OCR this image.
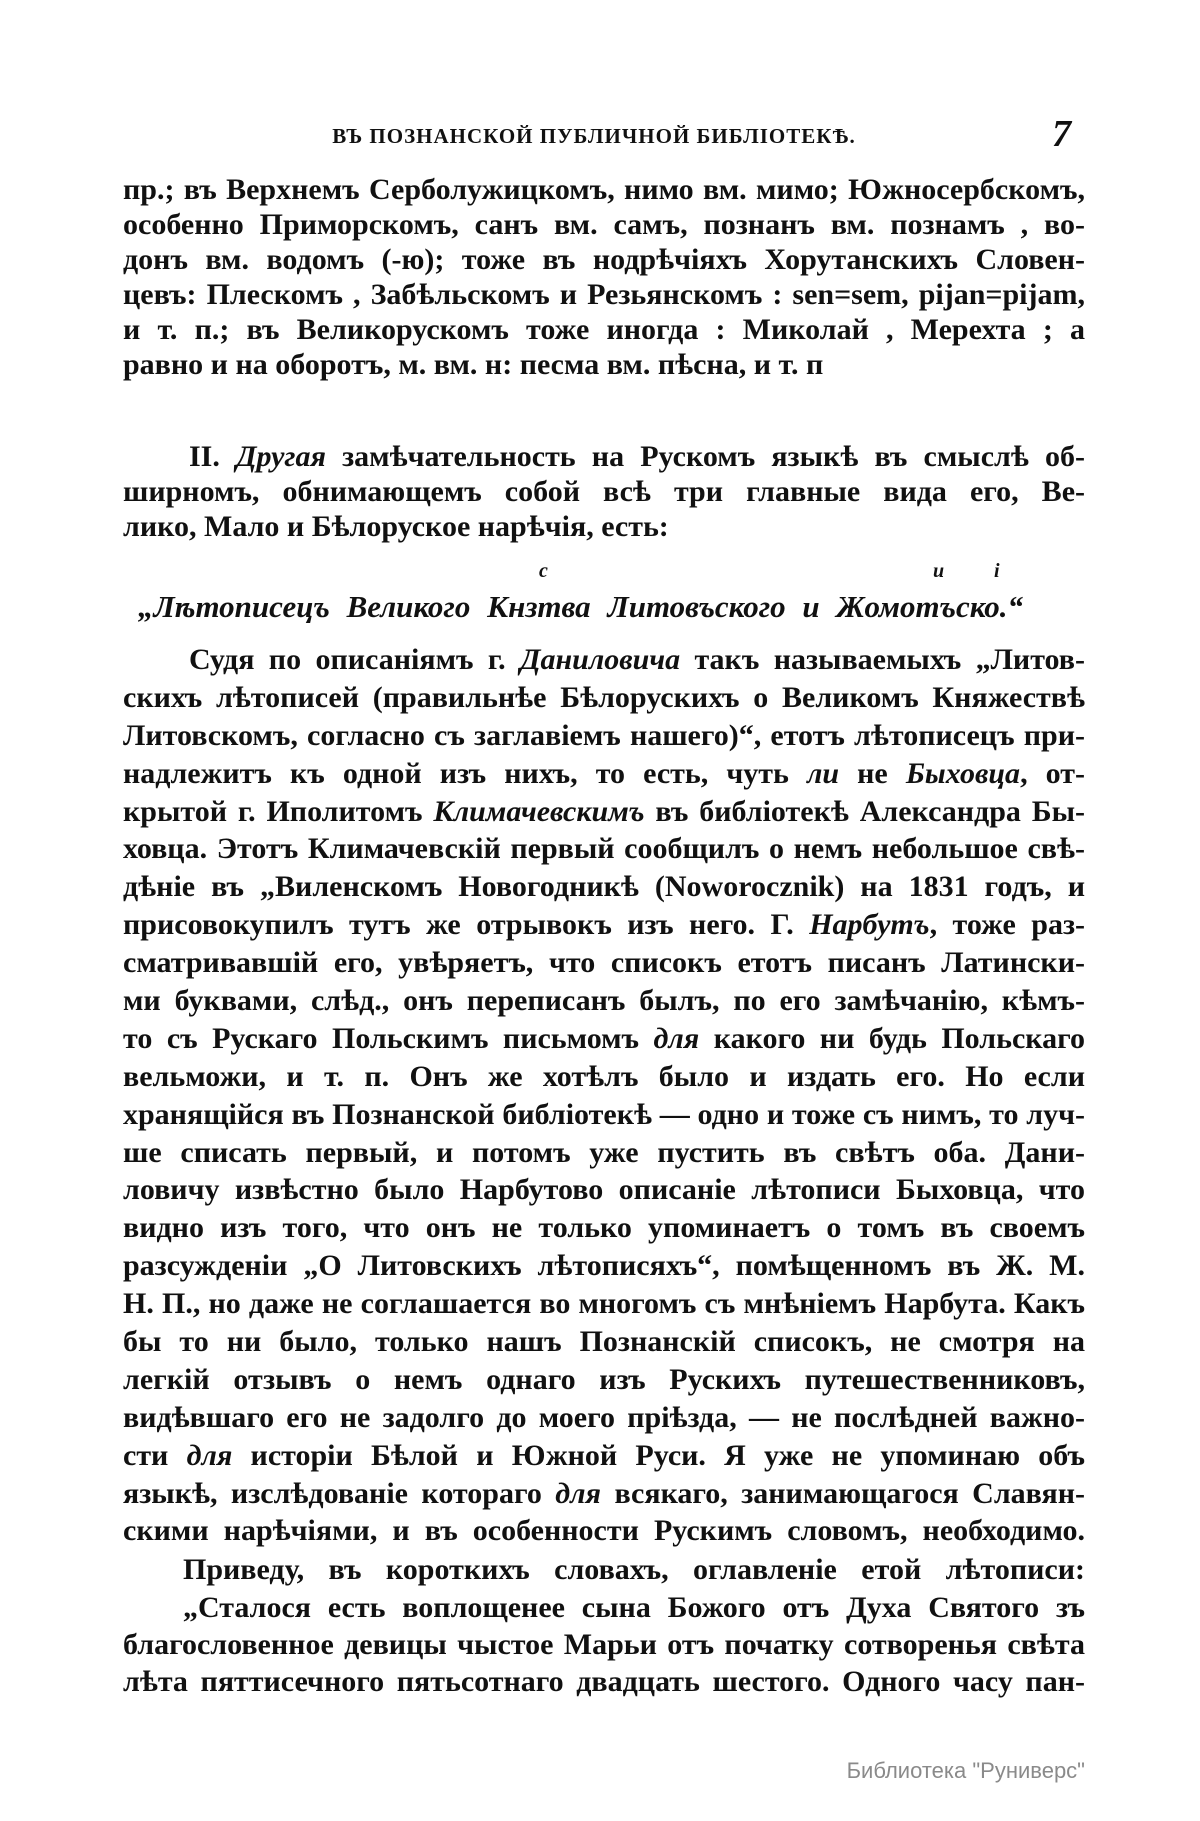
ВЪ ПОЗНАНСКОЙ ПУБЛИЧНОЙ БИБЛІОТЕКѢ.	7
пр.; въ Верхнемъ Серболужицкомъ, нимо вм. мимо; Южносербскомъ,
особенно Приморскомъ, санъ вм. самъ, познанъ вм. познамъ , во-
донъ вм. водомъ (-ю); тоже въ нодрѣчіяхъ Хорутанскихъ Словен-
цевъ: Плескомъ , Забѣльскомъ и Резьянскомъ : sen=sem, pijan=pijam,
и т. п.; въ Великорускомъ тоже иногда : Миколай , Мерехта ; а
равно и на оборотъ, м. вм. н: песма вм. пѣсна, и т. п
II. Другая замѣчательность на Рускомъ языкѣ въ смыслѣ об-
ширномъ, обнимающемъ собой всѣ три главные вида его, Ве-
лико, Мало и Бѣлоруское нарѣчія, есть:
с	и і
„Лѣтописецъ Великого Кнзтва Литовъского и Жомотъско.“
Судя по описаніямъ г. Даниловича такъ называемыхъ „Литов-
скихъ лѣтописей (правильнѣе Бѣлорускихъ о Великомъ Княжествѣ
Литовскомъ, согласно съ заглавіемъ нашего)“, етотъ лѣтописецъ при-
надлежитъ къ одной изъ нихъ, то есть, чуть ли не Быховца, от-
крытой г. Иполитомъ Климачевскимъ въ библіотекѣ Александра Бы-
ховца. Этотъ Климачевскій первый сообщилъ о немъ небольшое свѣ-
дѣніе въ „Виленскомъ Новогодникѣ (Noworocznik) на 1831 годъ, и
присовокупилъ тутъ же отрывокъ изъ него. Г. Нарбутъ, тоже раз-
сматривавшій его, увѣряетъ, что списокъ етотъ писанъ Латински-
ми буквами, слѣд., онъ переписанъ былъ, по его замѣчанію, кѣмъ-
то съ Рускаго Польскимъ письмомъ для какого ни будь Польскаго
вельможи, и т. п. Онъ же хотѣлъ было и издать его. Но если
хранящійся въ Познанской библіотекѣ — одно и тоже съ нимъ, то луч-
ше списать первый, и потомъ уже пустить въ свѣтъ оба. Дани-
ловичу извѣстно было Нарбутово описаніе лѣтописи Быховца, что
видно изъ того, что онъ не только упоминаетъ о томъ въ своемъ
разсужденіи „О Литовскихъ лѣтописяхъ“, помѣщенномъ въ Ж. М.
Н. П., но даже не соглашается во многомъ съ мнѣніемъ Нарбута. Какъ
бы то ни было, только нашъ Познанскій списокъ, не смотря на
легкій отзывъ о немъ однаго изъ Рускихъ путешественниковъ,
видѣвшаго его не задолго до моего пріѣзда, — не послѣдней важно-
сти для исторіи Бѣлой и Южной Руси. Я уже не упоминаю объ
языкѣ, изслѣдованіе котораго для всякаго, занимающагося Славян-
скими нарѣчіями, и въ особенности Рускимъ словомъ, необходимо.
Приведу, въ короткихъ словахъ, оглавленіе етой лѣтописи:
„Сталося есть воплощенее сына Божого отъ Духа Святого зъ
благословенное девицы чыстое Марьи отъ початку сотворенья свѣта
лѣта пяттисечного пятьсотнаго двадцать шестого. Одного часу пан-
Библиотека "Руниверс"
